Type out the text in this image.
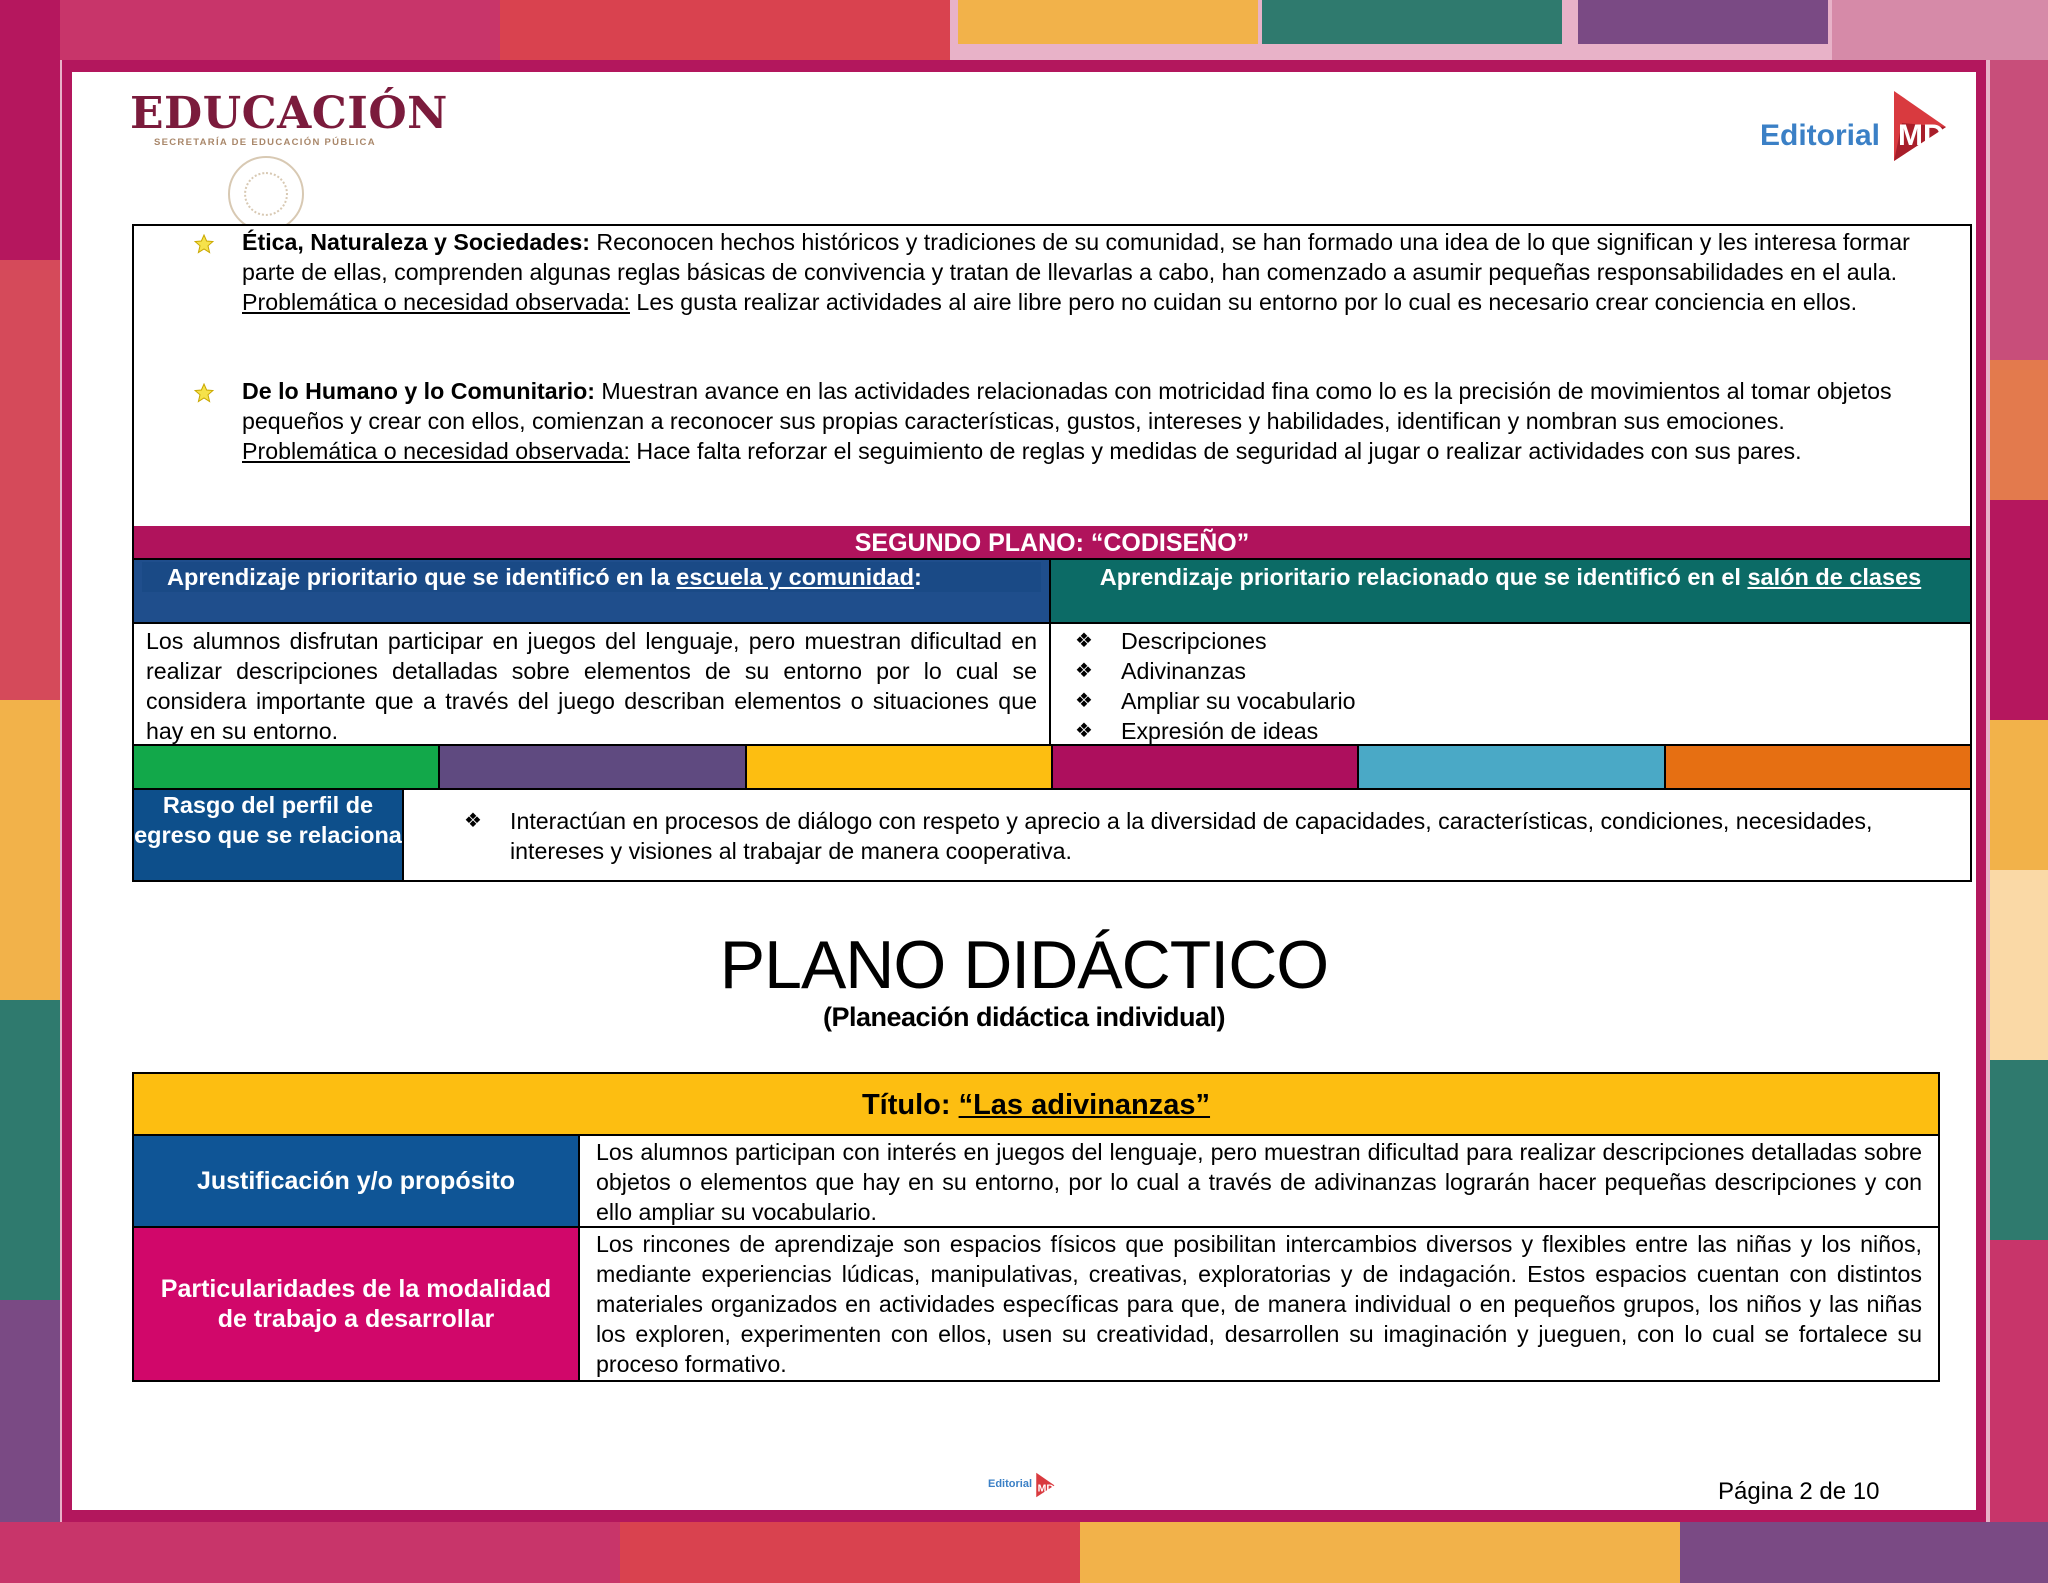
EDUCACIÓN
SECRETARÍA DE EDUCACIÓN PÚBLICA	Editorial MD
Ética, Naturaleza y Sociedades: Reconocen hechos históricos y tradiciones de su comunidad, se han formado una idea de lo que significan y les interesa formar parte de ellas, comprenden algunas reglas básicas de convivencia y tratan de llevarlas a cabo, han comenzado a asumir pequeñas responsabilidades en el aula.
Problemática o necesidad observada: Les gusta realizar actividades al aire libre pero no cuidan su entorno por lo cual es necesario crear conciencia en ellos.
De lo Humano y lo Comunitario: Muestran avance en las actividades relacionadas con motricidad fina como lo es la precisión de movimientos al tomar objetos pequeños y crear con ellos, comienzan a reconocer sus propias características, gustos, intereses y habilidades, identifican y nombran sus emociones.
Problemática o necesidad observada: Hace falta reforzar el seguimiento de reglas y medidas de seguridad al jugar o realizar actividades con sus pares.
SEGUNDO PLANO: “CODISEÑO”
Aprendizaje prioritario que se identificó en la escuela y comunidad:	Aprendizaje prioritario relacionado que se identificó en el salón de clases
Los alumnos disfrutan participar en juegos del lenguaje, pero muestran dificultad en realizar descripciones detalladas sobre elementos de su entorno por lo cual se considera importante que a través del juego describan elementos o situaciones que hay en su entorno.
❖	Descripciones
❖	Adivinanzas
❖	Ampliar su vocabulario
❖	Expresión de ideas
Rasgo del perfil de egreso que se relaciona
❖	Interactúan en procesos de diálogo con respeto y aprecio a la diversidad de capacidades, características, condiciones, necesidades, intereses y visiones al trabajar de manera cooperativa.
PLANO DIDÁCTICO
(Planeación didáctica individual)
Título: “Las adivinanzas”
Justificación y/o propósito
Los alumnos participan con interés en juegos del lenguaje, pero muestran dificultad para realizar descripciones detalladas sobre objetos o elementos que hay en su entorno, por lo cual a través de adivinanzas lograrán hacer pequeñas descripciones y con ello ampliar su vocabulario.
Particularidades de la modalidad de trabajo a desarrollar
Los rincones de aprendizaje son espacios físicos que posibilitan intercambios diversos y flexibles entre las niñas y los niños, mediante experiencias lúdicas, manipulativas, creativas, exploratorias y de indagación. Estos espacios cuentan con distintos materiales organizados en actividades específicas para que, de manera individual o en pequeños grupos, los niños y las niñas los exploren, experimenten con ellos, usen su creatividad, desarrollen su imaginación y jueguen, con lo cual se fortalece su proceso formativo.
Editorial MD	Página 2 de 10
